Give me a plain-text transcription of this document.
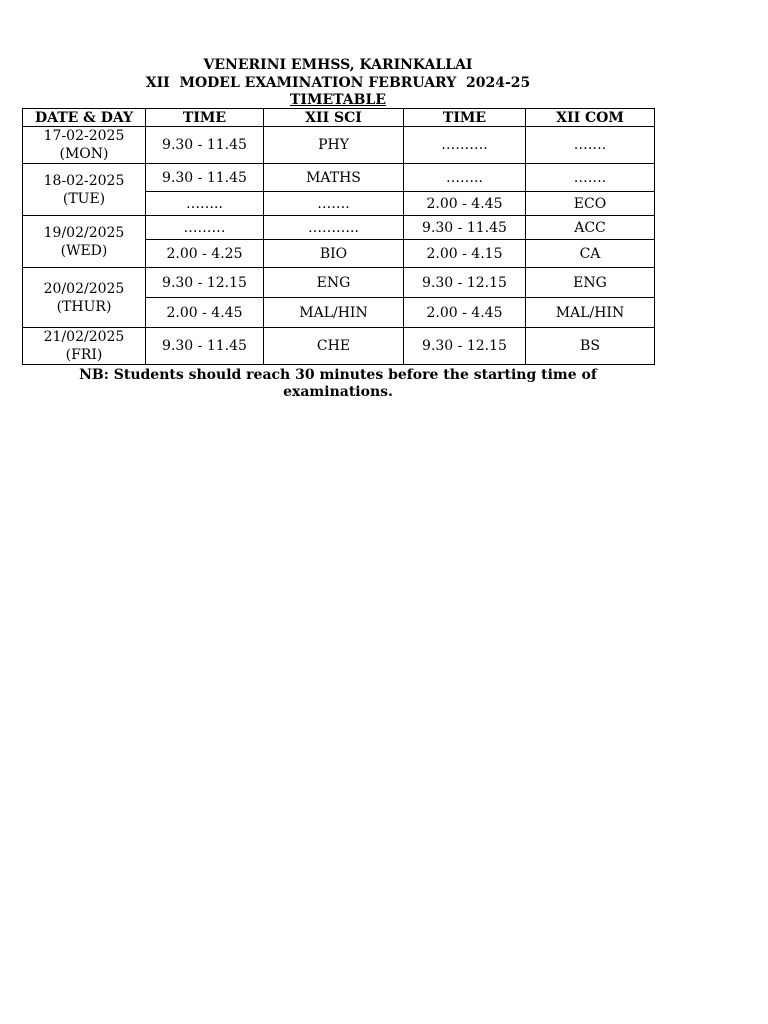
VENERINI EMHSS, KARINKALLAI
XII  MODEL EXAMINATION FEBRUARY  2024-25
TIMETABLE
DATE & DAY	TIME	XII SCI	TIME	XII COM

17-02-2025
(MON)	9.30 - 11.45	PHY	……….	…….

18-02-2025
(TUE)	9.30 - 11.45	MATHS	……..	…….
	……..	…….	2.00 - 4.45	ECO

19/02/2025
(WED)	………	………..	9.30 - 11.45	ACC
	2.00 - 4.25	BIO	2.00 - 4.15	CA

20/02/2025
(THUR)	9.30 - 12.15	ENG	9.30 - 12.15	ENG
	2.00 - 4.45	MAL/HIN	2.00 - 4.45	MAL/HIN

21/02/2025
(FRI)	9.30 - 11.45	CHE	9.30 - 12.15	BS
NB: Students should reach 30 minutes before the starting time of
examinations.
